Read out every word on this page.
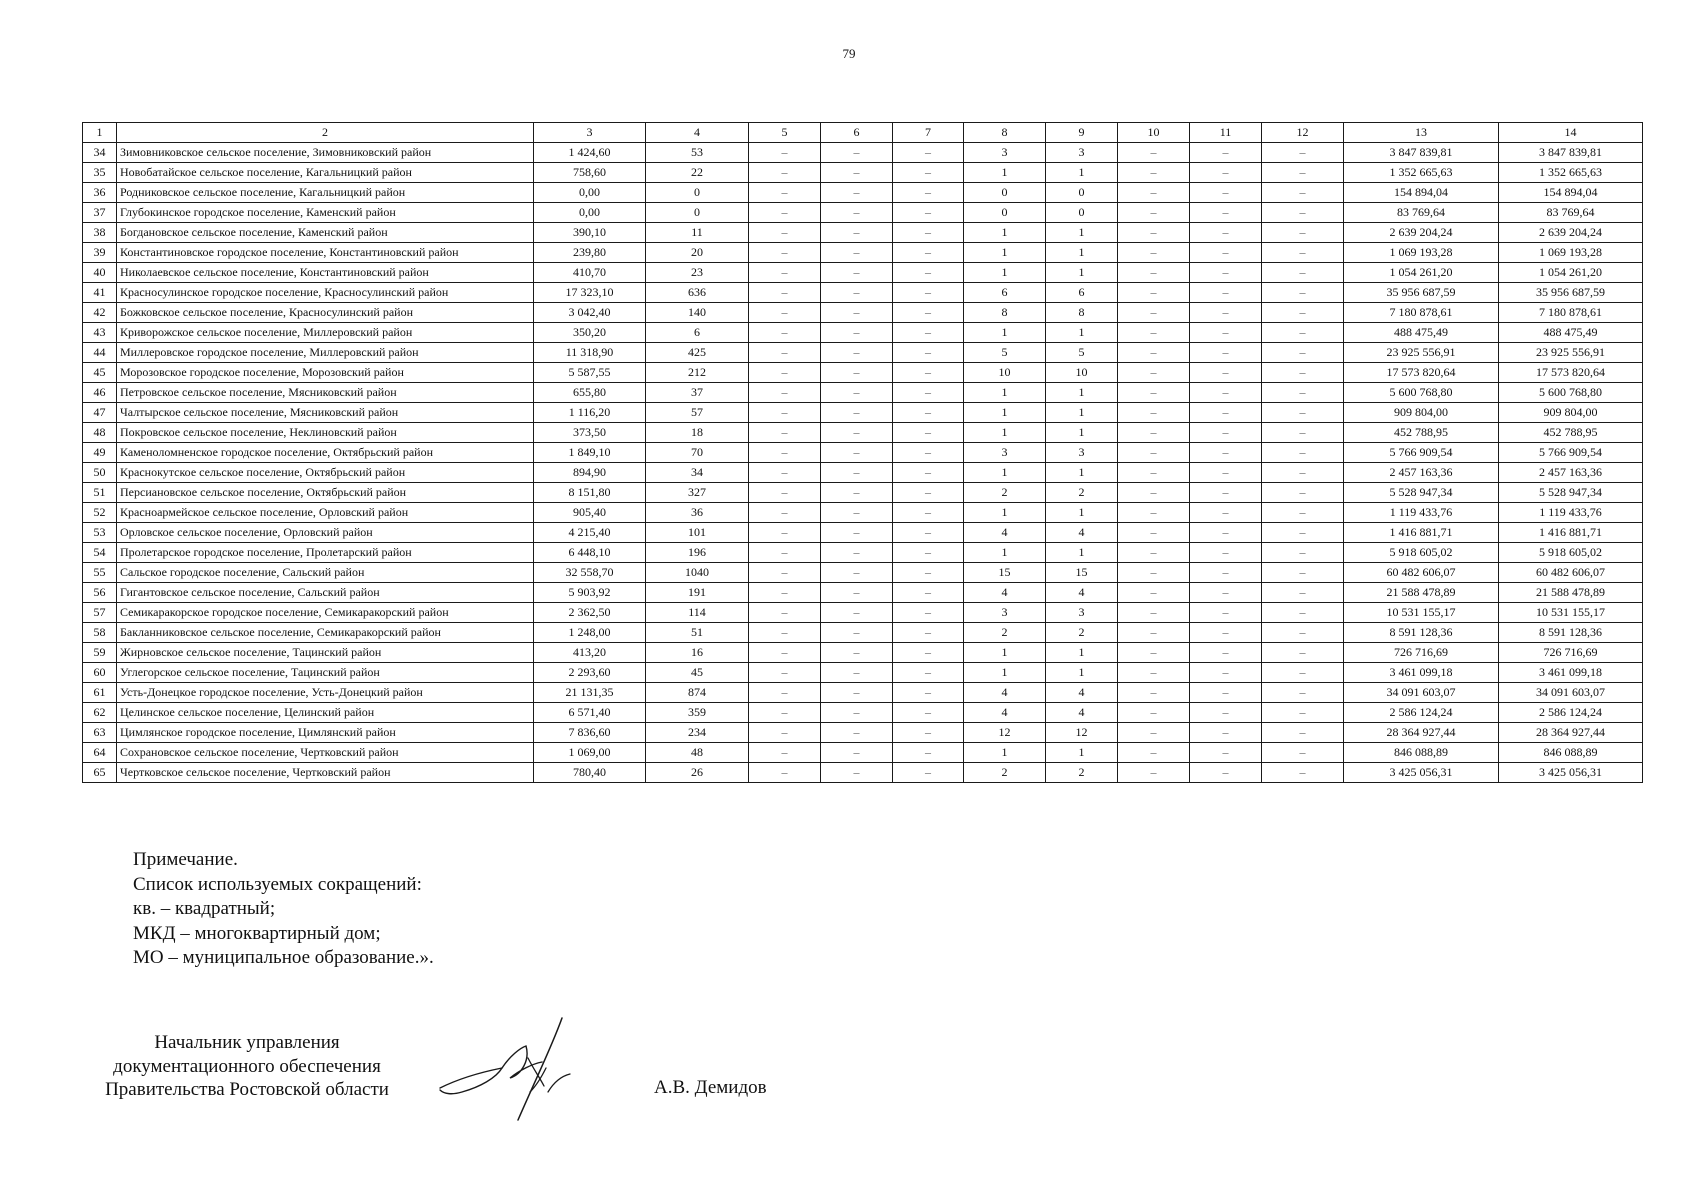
79
1	2	3	4	5	6	7	8	9	10	11	12	13	14
34	Зимовниковское сельское поселение, Зимовниковский район	1 424,60	53	–	–	–	3	3	–	–	–	3 847 839,81	3 847 839,81
35	Новобатайское сельское поселение, Кагальницкий район	758,60	22	–	–	–	1	1	–	–	–	1 352 665,63	1 352 665,63
36	Родниковское сельское поселение, Кагальницкий район	0,00	0	–	–	–	0	0	–	–	–	154 894,04	154 894,04
37	Глубокинское городское поселение, Каменский район	0,00	0	–	–	–	0	0	–	–	–	83 769,64	83 769,64
38	Богдановское сельское поселение, Каменский район	390,10	11	–	–	–	1	1	–	–	–	2 639 204,24	2 639 204,24
39	Константиновское городское поселение, Константиновский район	239,80	20	–	–	–	1	1	–	–	–	1 069 193,28	1 069 193,28
40	Николаевское сельское поселение, Константиновский район	410,70	23	–	–	–	1	1	–	–	–	1 054 261,20	1 054 261,20
41	Красносулинское городское поселение, Красносулинский район	17 323,10	636	–	–	–	6	6	–	–	–	35 956 687,59	35 956 687,59
42	Божковское сельское поселение, Красносулинский район	3 042,40	140	–	–	–	8	8	–	–	–	7 180 878,61	7 180 878,61
43	Криворожское сельское поселение, Миллеровский район	350,20	6	–	–	–	1	1	–	–	–	488 475,49	488 475,49
44	Миллеровское городское поселение, Миллеровский район	11 318,90	425	–	–	–	5	5	–	–	–	23 925 556,91	23 925 556,91
45	Морозовское городское поселение, Морозовский район	5 587,55	212	–	–	–	10	10	–	–	–	17 573 820,64	17 573 820,64
46	Петровское сельское поселение, Мясниковский район	655,80	37	–	–	–	1	1	–	–	–	5 600 768,80	5 600 768,80
47	Чалтырское сельское поселение, Мясниковский район	1 116,20	57	–	–	–	1	1	–	–	–	909 804,00	909 804,00
48	Покровское сельское поселение, Неклиновский район	373,50	18	–	–	–	1	1	–	–	–	452 788,95	452 788,95
49	Каменоломненское городское поселение, Октябрьский район	1 849,10	70	–	–	–	3	3	–	–	–	5 766 909,54	5 766 909,54
50	Краснокутское сельское поселение, Октябрьский район	894,90	34	–	–	–	1	1	–	–	–	2 457 163,36	2 457 163,36
51	Персиановское сельское поселение, Октябрьский район	8 151,80	327	–	–	–	2	2	–	–	–	5 528 947,34	5 528 947,34
52	Красноармейское сельское поселение, Орловский район	905,40	36	–	–	–	1	1	–	–	–	1 119 433,76	1 119 433,76
53	Орловское сельское поселение, Орловский район	4 215,40	101	–	–	–	4	4	–	–	–	1 416 881,71	1 416 881,71
54	Пролетарское городское поселение, Пролетарский район	6 448,10	196	–	–	–	1	1	–	–	–	5 918 605,02	5 918 605,02
55	Сальское городское поселение, Сальский район	32 558,70	1040	–	–	–	15	15	–	–	–	60 482 606,07	60 482 606,07
56	Гигантовское сельское поселение, Сальский район	5 903,92	191	–	–	–	4	4	–	–	–	21 588 478,89	21 588 478,89
57	Семикаракорское городское поселение, Семикаракорский район	2 362,50	114	–	–	–	3	3	–	–	–	10 531 155,17	10 531 155,17
58	Бакланниковское сельское поселение, Семикаракорский район	1 248,00	51	–	–	–	2	2	–	–	–	8 591 128,36	8 591 128,36
59	Жирновское сельское поселение, Тацинский район	413,20	16	–	–	–	1	1	–	–	–	726 716,69	726 716,69
60	Углегорское сельское поселение, Тацинский район	2 293,60	45	–	–	–	1	1	–	–	–	3 461 099,18	3 461 099,18
61	Усть-Донецкое городское поселение, Усть-Донецкий район	21 131,35	874	–	–	–	4	4	–	–	–	34 091 603,07	34 091 603,07
62	Целинское сельское поселение, Целинский район	6 571,40	359	–	–	–	4	4	–	–	–	2 586 124,24	2 586 124,24
63	Цимлянское городское поселение, Цимлянский район	7 836,60	234	–	–	–	12	12	–	–	–	28 364 927,44	28 364 927,44
64	Сохрановское сельское поселение, Чертковский район	1 069,00	48	–	–	–	1	1	–	–	–	846 088,89	846 088,89
65	Чертковское сельское поселение, Чертковский район	780,40	26	–	–	–	2	2	–	–	–	3 425 056,31	3 425 056,31
Примечание.
Список используемых сокращений:
кв. – квадратный;
МКД – многоквартирный дом;
МО – муниципальное образование.».
Начальник управления
документационного обеспечения
Правительства Ростовской области	А.В. Демидов
